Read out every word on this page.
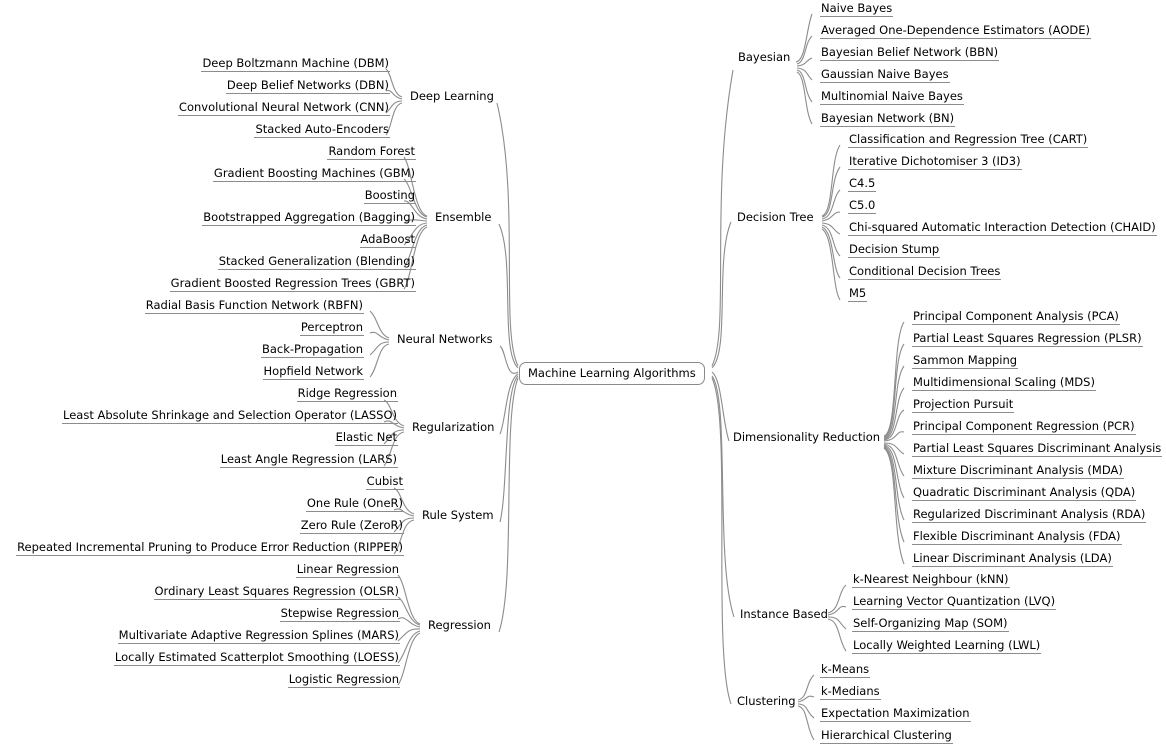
Machine Learning Algorithms
Bayesian
Naive Bayes
Averaged One-Dependence Estimators (AODE)
Bayesian Belief Network (BBN)
Gaussian Naive Bayes
Multinomial Naive Bayes
Bayesian Network (BN)
Decision Tree
Classification and Regression Tree (CART)
Iterative Dichotomiser 3 (ID3)
C4.5
C5.0
Chi-squared Automatic Interaction Detection (CHAID)
Decision Stump
Conditional Decision Trees
M5
Dimensionality Reduction
Principal Component Analysis (PCA)
Partial Least Squares Regression (PLSR)
Sammon Mapping
Multidimensional Scaling (MDS)
Projection Pursuit
Principal Component Regression (PCR)
Partial Least Squares Discriminant Analysis
Mixture Discriminant Analysis (MDA)
Quadratic Discriminant Analysis (QDA)
Regularized Discriminant Analysis (RDA)
Flexible Discriminant Analysis (FDA)
Linear Discriminant Analysis (LDA)
Instance Based
k-Nearest Neighbour (kNN)
Learning Vector Quantization (LVQ)
Self-Organizing Map (SOM)
Locally Weighted Learning (LWL)
Clustering
k-Means
k-Medians
Expectation Maximization
Hierarchical Clustering
Deep Learning
Deep Boltzmann Machine (DBM)
Deep Belief Networks (DBN)
Convolutional Neural Network (CNN)
Stacked Auto-Encoders
Ensemble
Random Forest
Gradient Boosting Machines (GBM)
Boosting
Bootstrapped Aggregation (Bagging)
AdaBoost
Stacked Generalization (Blending)
Gradient Boosted Regression Trees (GBRT)
Neural Networks
Radial Basis Function Network (RBFN)
Perceptron
Back-Propagation
Hopfield Network
Regularization
Ridge Regression
Least Absolute Shrinkage and Selection Operator (LASSO)
Elastic Net
Least Angle Regression (LARS)
Rule System
Cubist
One Rule (OneR)
Zero Rule (ZeroR)
Repeated Incremental Pruning to Produce Error Reduction (RIPPER)
Regression
Linear Regression
Ordinary Least Squares Regression (OLSR)
Stepwise Regression
Multivariate Adaptive Regression Splines (MARS)
Locally Estimated Scatterplot Smoothing (LOESS)
Logistic Regression
